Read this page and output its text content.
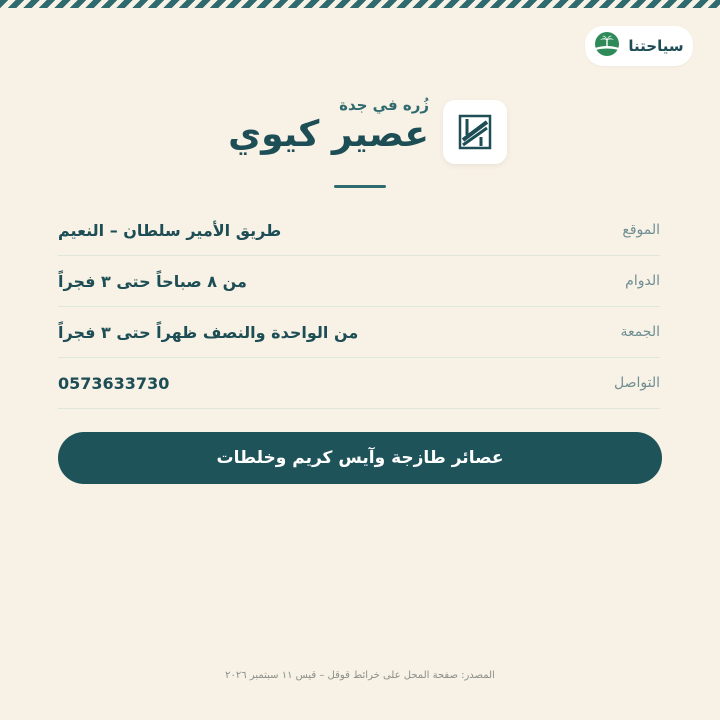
سياحتنا
زُره في جدة
عصير كيوي
الموقع
طريق الأمير سلطان – النعيم
الدوام
من ٨ صباحاً حتى ٣ فجراً
الجمعة
من الواحدة والنصف ظهراً حتى ٣ فجراً
التواصل
0573633730
عصائر طازجة وآيس كريم وخلطات
المصدر: صفحة المحل على خرائط قوقل – قيس ١١ سبتمبر ٢٠٢٦
